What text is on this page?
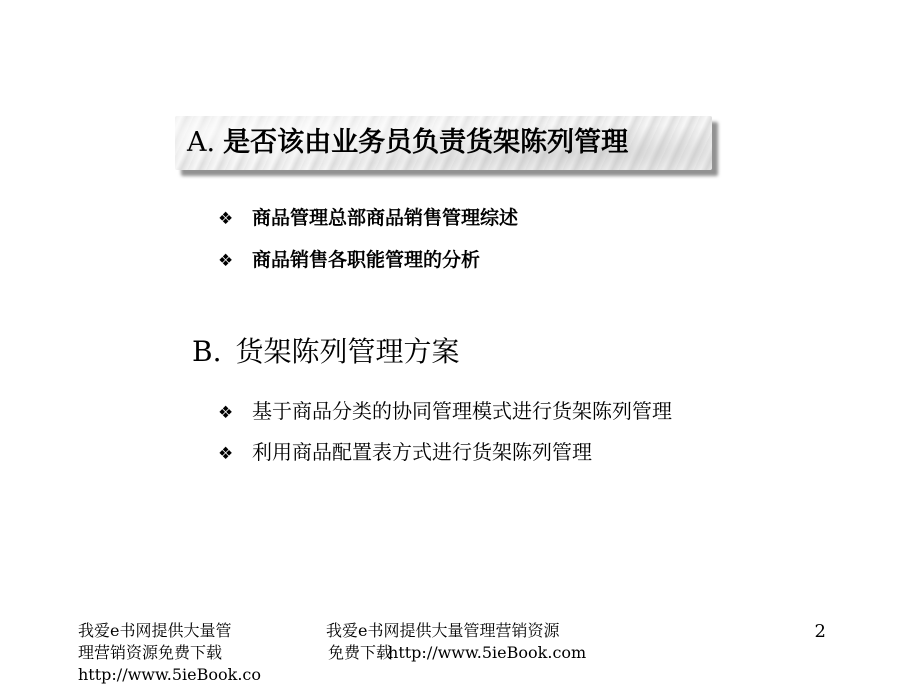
A. 是否该由业务员负责货架陈列管理
❖ 商品管理总部商品销售管理综述
❖ 商品销售各职能管理的分析
B. 货架陈列管理方案
❖ 基于商品分类的协同管理模式进行货架陈列管理
❖ 利用商品配置表方式进行货架陈列管理
我爱e书网提供大量管
理营销资源免费下载
http://www.5ieBook.co
我爱e书网提供大量管理营销资源
免费下载http://www.5ieBook.com
2
